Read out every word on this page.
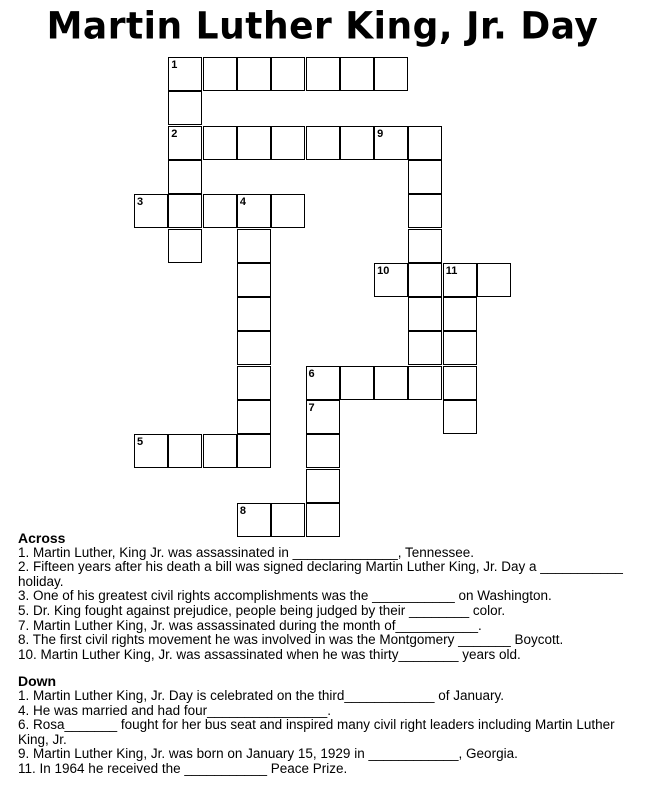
Martin Luther King, Jr. Day
1
2
3	4
5
6
7
8
9
10	11
Across
1. Martin Luther, King Jr. was assassinated in ______________, Tennessee.
2. Fifteen years after his death a bill was signed declaring Martin Luther King, Jr. Day a ___________ holiday.
3. One of his greatest civil rights accomplishments was the ___________ on Washington.
5. Dr. King fought against prejudice, people being judged by their ________ color.
7. Martin Luther King, Jr. was assassinated during the month of___________.
8. The first civil rights movement he was involved in was the Montgomery _______ Boycott.
10. Martin Luther King, Jr. was assassinated when he was thirty________ years old.
Down
1. Martin Luther King, Jr. Day is celebrated on the third____________ of January.
4. He was married and had four________________.
6. Rosa_______ fought for her bus seat and inspired many civil right leaders including Martin Luther King, Jr.
9. Martin Luther King, Jr. was born on January 15, 1929 in ____________, Georgia.
11. In 1964 he received the ___________ Peace Prize.
